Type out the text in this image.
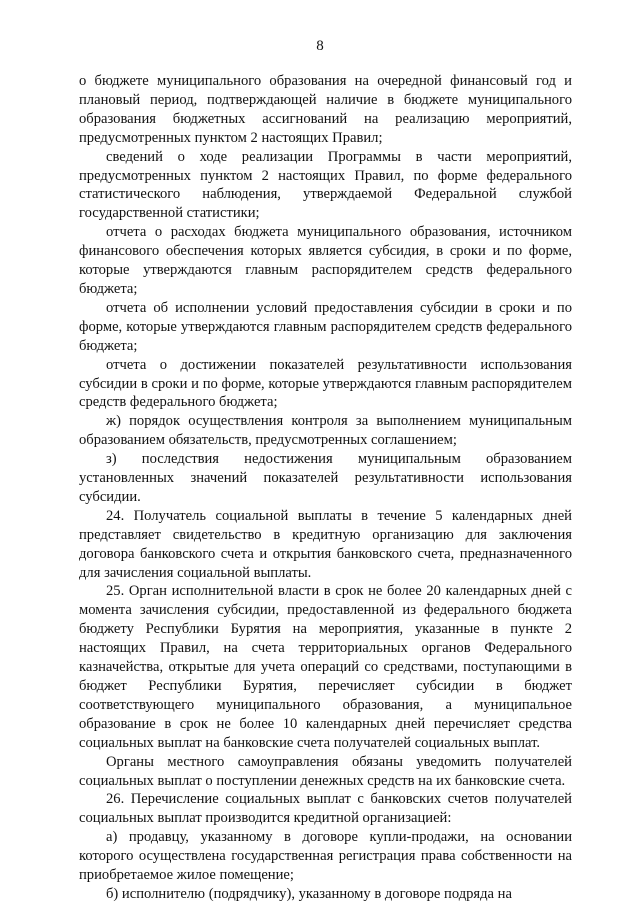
8

о бюджете муниципального образования на очередной финансовый год и плановый период, подтверждающей наличие в бюджете муниципального образования бюджетных ассигнований на реализацию мероприятий, предусмотренных пунктом 2 настоящих Правил;

сведений о ходе реализации Программы в части мероприятий, предусмотренных пунктом 2 настоящих Правил, по форме федерального статистического наблюдения, утверждаемой Федеральной службой государственной статистики;

отчета о расходах бюджета муниципального образования, источником финансового обеспечения которых является субсидия, в сроки и по форме, которые утверждаются главным распорядителем средств федерального бюджета;

отчета об исполнении условий предоставления субсидии в сроки и по форме, которые утверждаются главным распорядителем средств федерального бюджета;

отчета о достижении показателей результативности использования субсидии в сроки и по форме, которые утверждаются главным распорядителем средств федерального бюджета;

ж) порядок осуществления контроля за выполнением муниципальным образованием обязательств, предусмотренных соглашением;

з) последствия недостижения муниципальным образованием установленных значений показателей результативности использования субсидии.

24. Получатель социальной выплаты в течение 5 календарных дней представляет свидетельство в кредитную организацию для заключения договора банковского счета и открытия банковского счета, предназначенного для зачисления социальной выплаты.

25. Орган исполнительной власти в срок не более 20 календарных дней с момента зачисления субсидии, предоставленной из федерального бюджета бюджету Республики Бурятия на мероприятия, указанные в пункте 2 настоящих Правил, на счета территориальных органов Федерального казначейства, открытые для учета операций со средствами, поступающими в бюджет Республики Бурятия, перечисляет субсидии в бюджет соответствующего муниципального образования, а муниципальное образование в срок не более 10 календарных дней перечисляет средства социальных выплат на банковские счета получателей социальных выплат.

Органы местного самоуправления обязаны уведомить получателей социальных выплат о поступлении денежных средств на их банковские счета.

26. Перечисление социальных выплат с банковских счетов получателей социальных выплат производится кредитной организацией:

а) продавцу, указанному в договоре купли-продажи, на основании которого осуществлена государственная регистрация права собственности на приобретаемое жилое помещение;

б) исполнителю (подрядчику), указанному в договоре подряда на
